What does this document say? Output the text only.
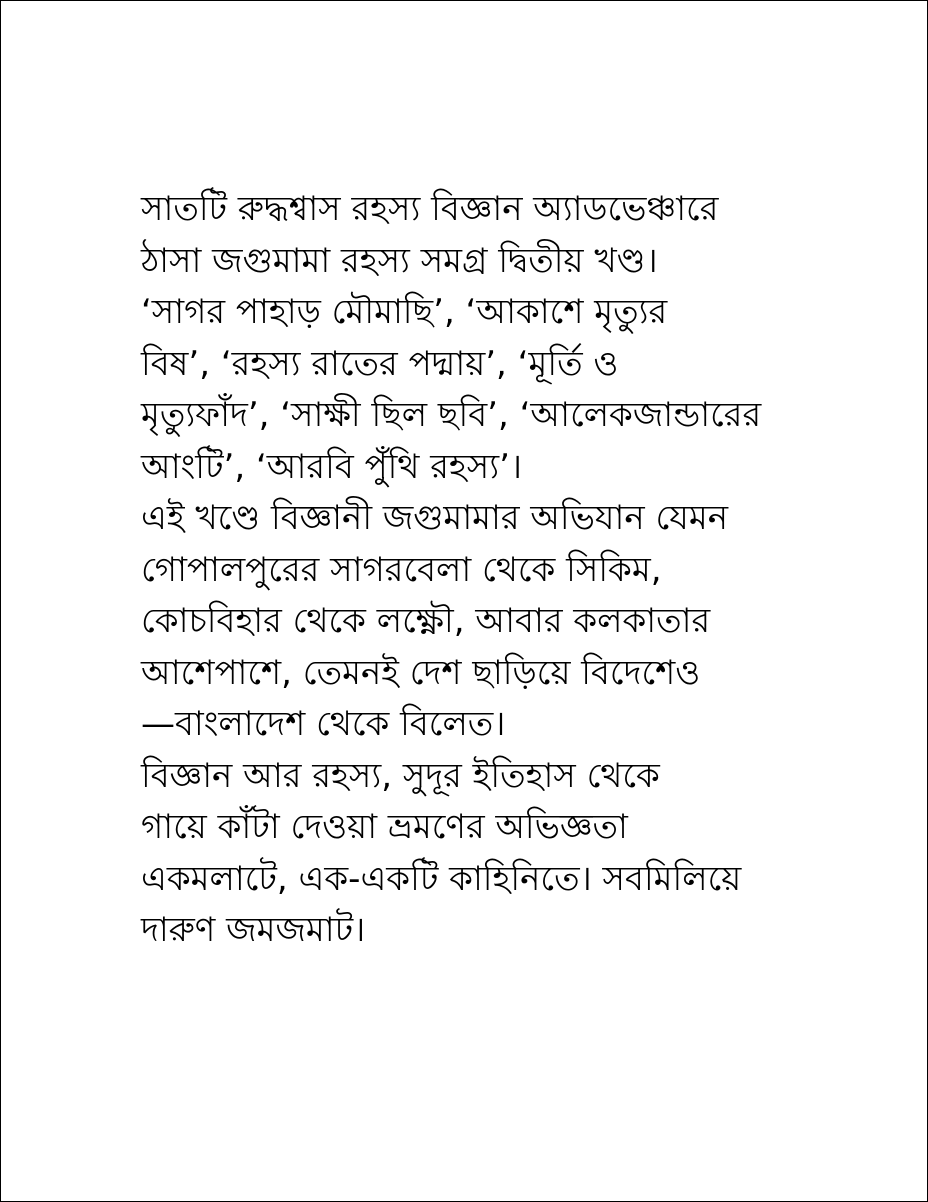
সাতটি রুদ্ধশ্বাস রহস্য বিজ্ঞান অ্যাডভেঞ্চারে
ঠাসা জগুমামা রহস্য সমগ্র দ্বিতীয় খণ্ড।
‘সাগর পাহাড় মৌমাছি’, ‘আকাশে মৃত্যুর
বিষ’, ‘রহস্য রাতের পদ্মায়’, ‘মূর্তি ও
মৃত্যুফাঁদ’, ‘সাক্ষী ছিল ছবি’, ‘আলেকজান্ডারের
আংটি’, ‘আরবি পুঁথি রহস্য’।
এই খণ্ডে বিজ্ঞানী জগুমামার অভিযান যেমন
গোপালপুরের সাগরবেলা থেকে সিকিম,
কোচবিহার থেকে লক্ষ্ণৌ, আবার কলকাতার
আশেপাশে, তেমনই দেশ ছাড়িয়ে বিদেশেও
—বাংলাদেশ থেকে বিলেত।
বিজ্ঞান আর রহস্য, সুদূর ইতিহাস থেকে
গায়ে কাঁটা দেওয়া ভ্রমণের অভিজ্ঞতা
একমলাটে, এক-একটি কাহিনিতে। সবমিলিয়ে
দারুণ জমজমাট।
